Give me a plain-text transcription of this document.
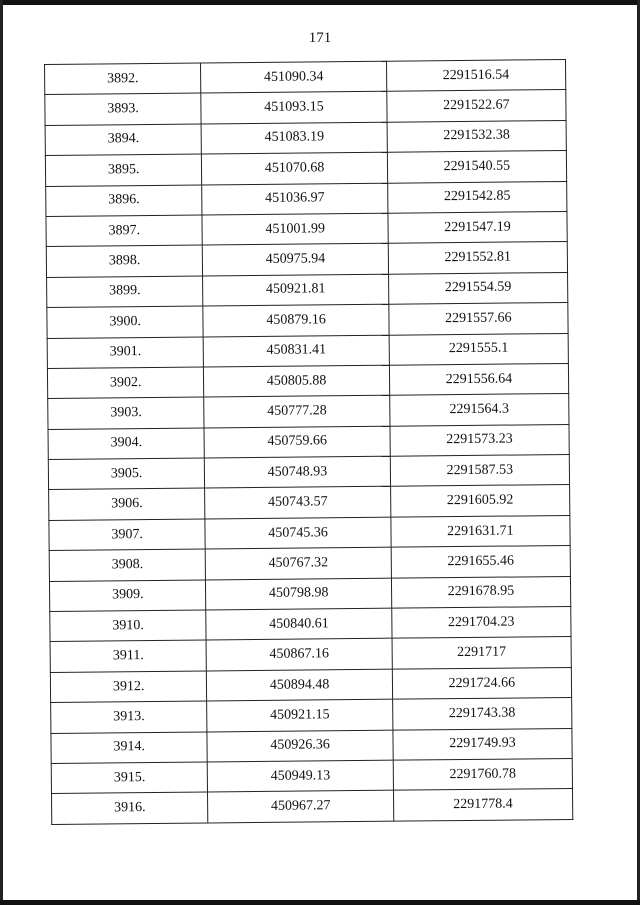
171
3892.	451090.34	2291516.54
3893.	451093.15	2291522.67
3894.	451083.19	2291532.38
3895.	451070.68	2291540.55
3896.	451036.97	2291542.85
3897.	451001.99	2291547.19
3898.	450975.94	2291552.81
3899.	450921.81	2291554.59
3900.	450879.16	2291557.66
3901.	450831.41	2291555.1
3902.	450805.88	2291556.64
3903.	450777.28	2291564.3
3904.	450759.66	2291573.23
3905.	450748.93	2291587.53
3906.	450743.57	2291605.92
3907.	450745.36	2291631.71
3908.	450767.32	2291655.46
3909.	450798.98	2291678.95
3910.	450840.61	2291704.23
3911.	450867.16	2291717
3912.	450894.48	2291724.66
3913.	450921.15	2291743.38
3914.	450926.36	2291749.93
3915.	450949.13	2291760.78
3916.	450967.27	2291778.4
